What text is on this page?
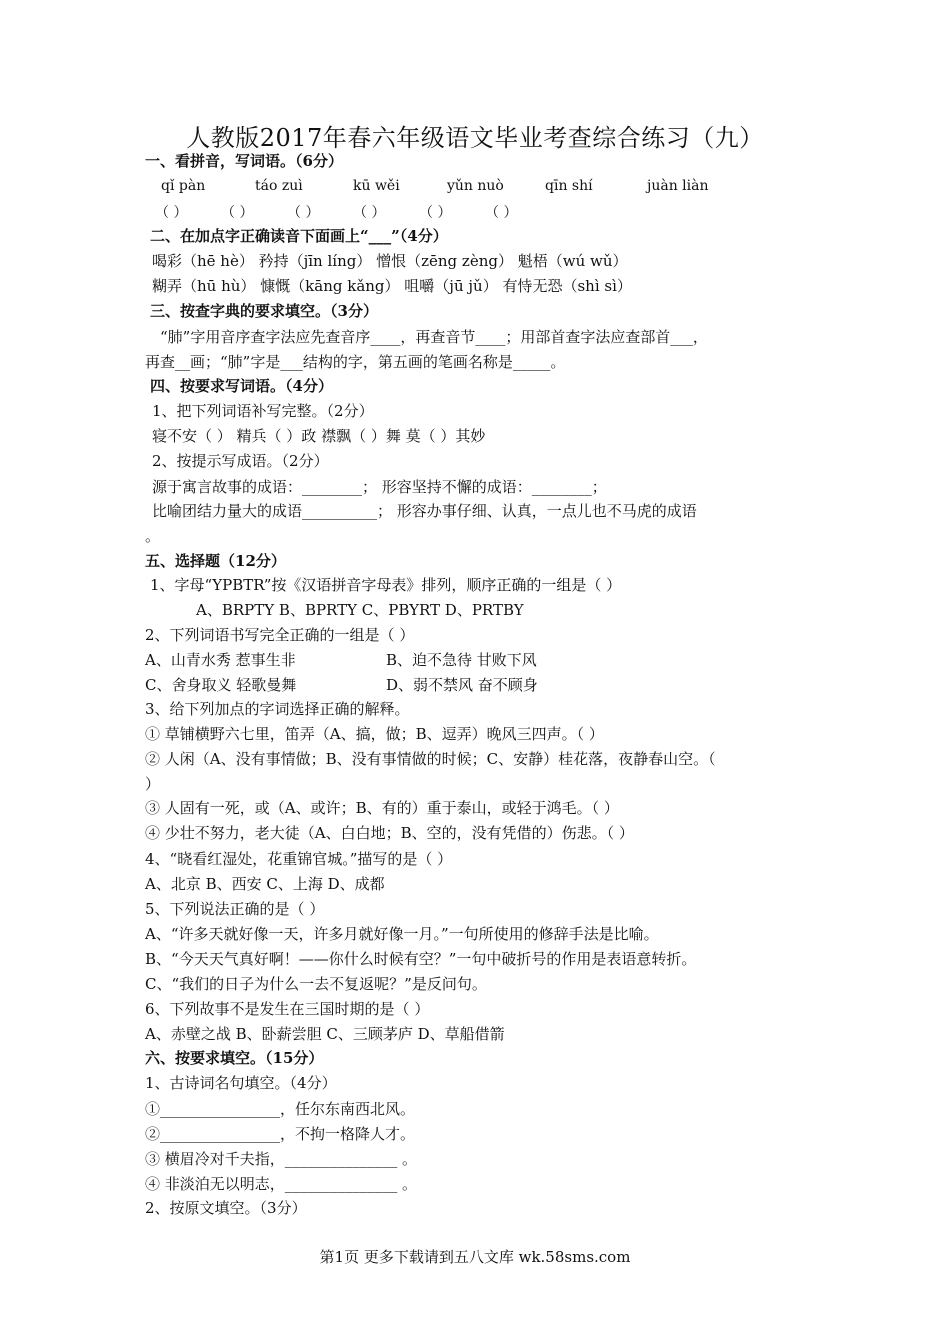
人教版2017年春六年级语文毕业考查综合练习（九）
一、看拼音，写词语。（6分）
qǐ pàn	táo zuì	kū wěi	yǔn nuò	qīn shí	juàn liàn
（ ） （ ） （ ） （ ） （ ） （ ）
二、在加点字正确读音下面画上“___”（4分）
喝彩（hē hè） 矜持（jīn líng） 憎恨（zēng zèng） 魁梧（wú wǔ）
糊弄（hū hù） 慷慨（kāng kǎng） 咀嚼（jū jǔ） 有恃无恐（shì sì）
三、按查字典的要求填空。（3分）
“肺”字用音序查字法应先查音序____，再查音节____；用部首查字法应查部首___，
再查__画；“肺”字是___结构的字，第五画的笔画名称是_____。
四、按要求写词语。（4分）
1、把下列词语补写完整。（2分）
寝不安（ ） 精兵（ ）政 襟飘（ ）舞 莫（ ）其妙
2、按提示写成语。（2分）
源于寓言故事的成语：________； 形容坚持不懈的成语：________；
比喻团结力量大的成语__________； 形容办事仔细、认真，一点儿也不马虎的成语
。
五、选择题（12分）
1、字母“YPBTR”按《汉语拼音字母表》排列，顺序正确的一组是（ ）
A、BRPTY B、BPRTY C、PBYRT D、PRTBY
2、下列词语书写完全正确的一组是（ ）
A、山青水秀 惹事生非	B、迫不急待 甘败下风
C、舍身取义 轻歌曼舞	D、弱不禁风 奋不顾身
3、给下列加点的字词选择正确的解释。
① 草铺横野六七里，笛弄（A、搞，做；B、逗弄）晚风三四声。（ ）
② 人闲（A、没有事情做；B、没有事情做的时候；C、安静）桂花落，夜静春山空。（
）
③ 人固有一死，或（A、或许；B、有的）重于泰山，或轻于鸿毛。（ ）
④ 少壮不努力，老大徒（A、白白地；B、空的，没有凭借的）伤悲。（ ）
4、“晓看红湿处，花重锦官城。”描写的是（ ）
A、北京 B、西安 C、上海 D、成都
5、下列说法正确的是（ ）
A、“许多天就好像一天，许多月就好像一月。”一句所使用的修辞手法是比喻。
B、“今天天气真好啊！——你什么时候有空？”一句中破折号的作用是表语意转折。
C、“我们的日子为什么一去不复返呢？”是反问句。
6、下列故事不是发生在三国时期的是（ ）
A、赤壁之战 B、卧薪尝胆 C、三顾茅庐 D、草船借箭
六、按要求填空。（15分）
1、古诗词名句填空。（4分）
①________________，任尔东南西北风。
②________________，不拘一格降人才。
③ 横眉冷对千夫指，_______________ 。
④ 非淡泊无以明志，_______________ 。
2、按原文填空。（3分）
第1页 更多下载请到五八文库 wk.58sms.com
